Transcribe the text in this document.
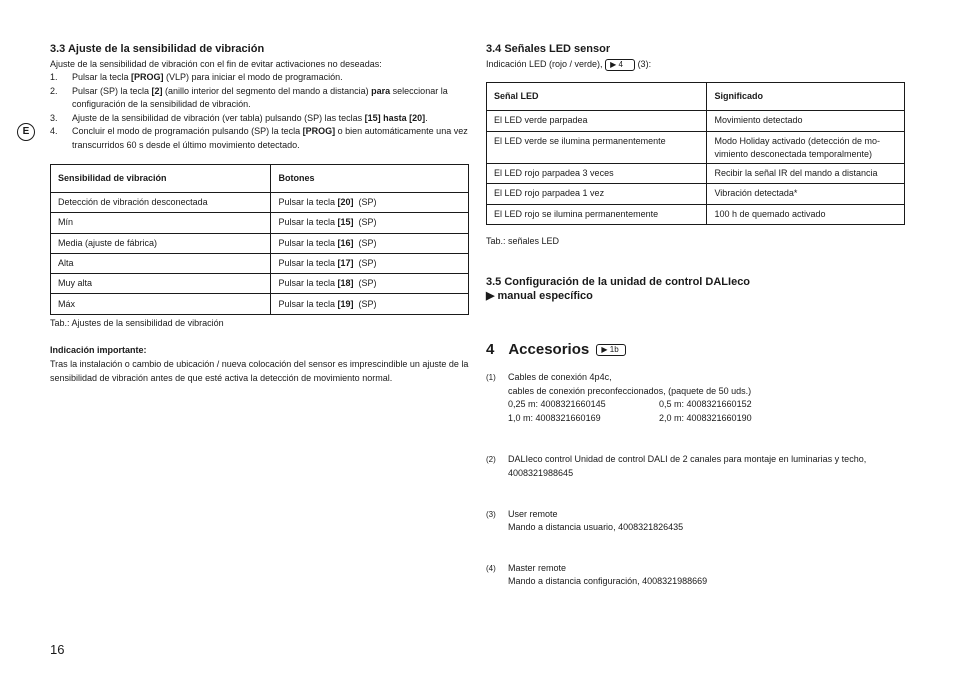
E
3.3 Ajuste de la sensibilidad de vibración
Ajuste de la sensibilidad de vibración con el fin de evitar activaciones no deseadas:
1. Pulsar la tecla [PROG] (VLP) para iniciar el modo de programación.
2. Pulsar (SP) la tecla [2] (anillo interior del segmento del mando a distancia) para seleccionar la configuración de la sensibilidad de vibración.
3. Ajuste de la sensibilidad de vibración (ver tabla) pulsando (SP) las teclas [15] hasta [20].
4. Concluir el modo de programación pulsando (SP) la tecla [PROG] o bien automáticamente una vez transcurridos 60 s desde el último movimiento detectado.
Sensibilidad de vibración	Botones
Detección de vibración desconectada	Pulsar la tecla [20]  (SP)
Mín	Pulsar la tecla [15]  (SP)
Media (ajuste de fábrica)	Pulsar la tecla [16]  (SP)
Alta	Pulsar la tecla [17]  (SP)
Muy alta	Pulsar la tecla [18]  (SP)
Máx	Pulsar la tecla [19]  (SP)
Tab.: Ajustes de la sensibilidad de vibración
Indicación importante:
Tras la instalación o cambio de ubicación / nueva colocación del sensor es imprescindible un ajuste de la sensibilidad de vibración antes de que esté activa la detección de movimiento normal.
3.4 Señales LED sensor
Indicación LED (rojo / verde), ▶ 4 (3):
Señal LED	Significado
El LED verde parpadea	Movimiento detectado
El LED verde se ilumina permanentemente	Modo Holiday activado (detección de mo-vimiento desconectada temporalmente)
El LED rojo parpadea 3 veces	Recibir la señal IR del mando a distancia
El LED rojo parpadea 1 vez	Vibración detectada*
El LED rojo se ilumina permanentemente	100 h de quemado activado
Tab.: señales LED
3.5 Configuración de la unidad de control DALIeco
▶ manual específico
4 Accesorios ▶ 1b
(1) Cables de conexión 4p4c,
cables de conexión preconfeccionados, (paquete de 50 uds.)
0,25 m: 4008321660145	0,5 m: 4008321660152
1,0 m: 4008321660169	2,0 m: 4008321660190
(2) DALIeco control Unidad de control DALI de 2 canales para montaje en luminarias y techo,
4008321988645
(3) User remote
Mando a distancia usuario, 4008321826435
(4) Master remote
Mando a distancia configuración, 4008321988669
16
